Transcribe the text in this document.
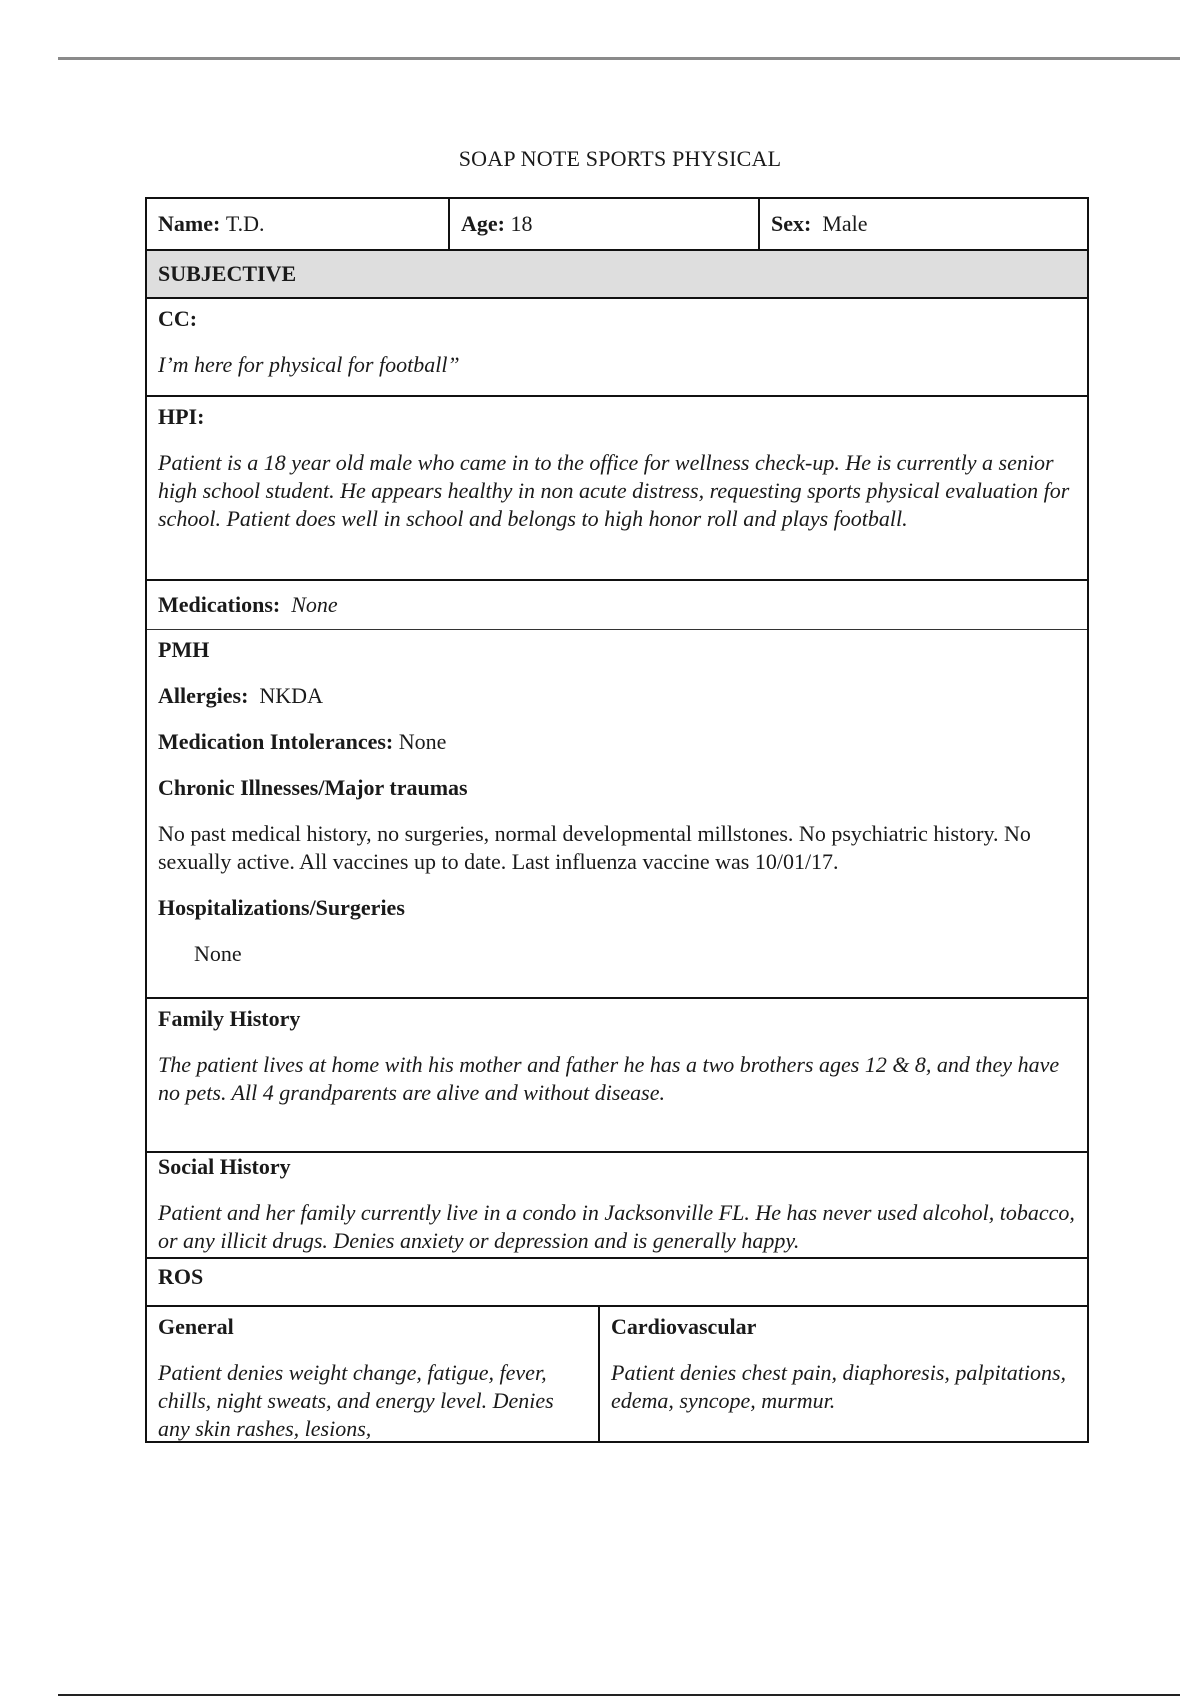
SOAP NOTE SPORTS PHYSICAL
Name:
T.D.	Age:
18	Sex:
Male
SUBJECTIVE

CC:

I’m here for physical for football”

HPI:

Patient is a 18 year old male who came in to the office for wellness check-up. He is currently a senior high school student. He appears healthy in non acute distress, requesting sports physical evaluation for school. Patient does well in school and belongs to high honor roll and plays football.

Medications:
None

PMH

Allergies: NKDA

Medication Intolerances: None

Chronic Illnesses/Major traumas

No past medical history, no surgeries, normal developmental millstones. No psychiatric history. No sexually active. All vaccines up to date. Last influenza vaccine was 10/01/17.

Hospitalizations/Surgeries

None

Family History

The patient lives at home with his mother and father he has a two brothers ages 12 & 8, and they have no pets. All 4 grandparents are alive and without disease.

Social History

Patient and her family currently live in a condo in Jacksonville FL. He has never used alcohol, tobacco, or any illicit drugs. Denies anxiety or depression and is generally happy.

ROS

General

Patient denies weight change, fatigue, fever, chills, night sweats, and energy level. Denies any skin rashes, lesions,

Cardiovascular

Patient denies chest pain, diaphoresis, palpitations, edema, syncope, murmur.
